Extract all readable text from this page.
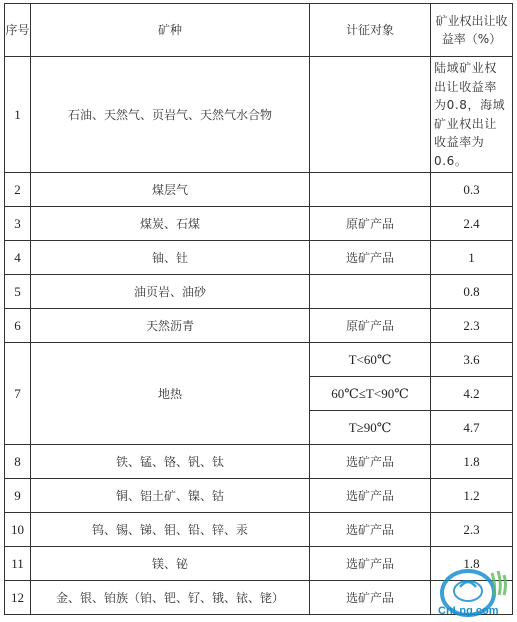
序号	矿种	计征对象	矿业权出让收益率（%）
1	石油、天然气、页岩气、天然气水合物		陆域矿业权出让收益率为0.8，海域矿业权出让收益率为0.6。
2	煤层气		0.3
3	煤炭、石煤	原矿产品	2.4
4	铀、钍	选矿产品	1
5	油页岩、油砂		0.8
6	天然沥青	原矿产品	2.3
7	地热	T<60℃	3.6
		60℃≤T<90℃	4.2
		T≥90℃	4.7
8	铁、锰、铬、钒、钛	选矿产品	1.8
9	铜、铝土矿、镍、钴	选矿产品	1.2
10	钨、锡、锑、钼、铅、锌、汞	选矿产品	2.3
11	镁、铋	选矿产品	1.8
12	金、银、铂族（铂、钯、钌、锇、铱、铑）	选矿产品	
CnLng.com
